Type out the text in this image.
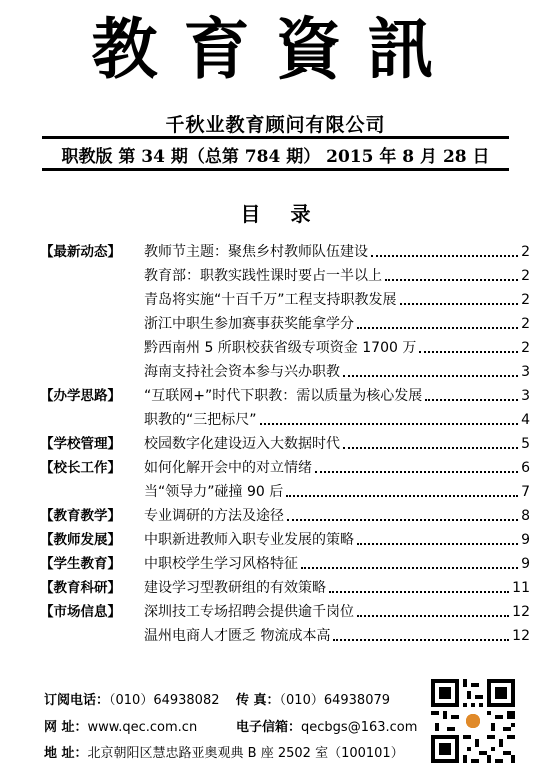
教育資訊
千秋业教育顾问有限公司
职教版 第 34 期（总第 784 期） 2015 年 8 月 28 日
目录
【最新动态】	教师节主题：聚焦乡村教师队伍建设	2
教育部：职教实践性课时要占一半以上	2
青岛将实施“十百千万”工程支持职教发展	2
浙江中职生参加赛事获奖能拿学分	2
黔西南州 5 所职校获省级专项资金 1700 万	2
海南支持社会资本参与兴办职教	3
【办学思路】	“互联网+”时代下职教：需以质量为核心发展	3
职教的“三把标尺”	4
【学校管理】	校园数字化建设迈入大数据时代	5
【校长工作】	如何化解开会中的对立情绪	6
当“领导力”碰撞 90 后	7
【教育教学】	专业调研的方法及途径	8
【教师发展】	中职新进教师入职专业发展的策略	9
【学生教育】	中职校学生学习风格特征	9
【教育科研】	建设学习型教研组的有效策略	11
【市场信息】	深圳技工专场招聘会提供逾千岗位	12
温州电商人才匮乏 物流成本高	12
订阅电话：（010）64938082 传 真：（010）64938079
网 址：www.qec.com.cn	电子信箱：qecbgs@163.com
地 址：北京朝阳区慧忠路亚奥观典 B 座 2502 室（100101）
